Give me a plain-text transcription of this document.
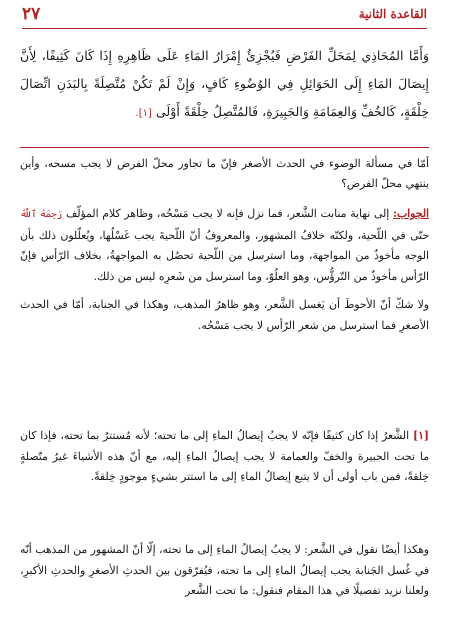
القاعدة الثانية
٢٧
وَأَمَّا المُحَاذِي لِمَحَلِّ الفَرْضِ فَيُجْزِئُ إِمْرَارُ المَاءِ عَلَى ظَاهِرِهِ إِذَا كَانَ كَثِيفًا، لِأَنَّ إِيصَالَ المَاءِ إِلَى الحَوَائِلِ فِي الوُضُوءِ كَافٍ، وَإِنْ لَمْ تَكُنْ مُتَّصِلَةً بِالبَدَنِ اتِّصَالَ خِلْقَةٍ، كَالخُفِّ وَالعِمَامَةِ وَالجَبِيرَةِ، فَالمُتَّصِلُ خِلْقَةً أَوْلَى [١].
أمّا في مسألة الوضوء في الحدث الأصغر فإنّ ما تجاوز محلّ الفرض لا يجب مسحه، وأين ينتهي محلّ الفرض؟

الجواب: إلى نهاية منابت الشَّعر، فما نزل فإنه لا يجب مَسْحُه، وظاهر كلام المؤلّف رَحِمَهُ ٱللَّهُ حتّى في اللّحية، ولكنّه خلافُ المشهور، والمعروفُ أنّ اللّحيةَ يجب غَسْلُها، ويُعلّلون ذلك بأن الوجه مأخوذٌ من المواجهة، وما استرسل من اللّحية تحصُل به المواجهةُ، بخلاف الرّأس فإنّ الرّأس مأخوذٌ من التّرؤُّس، وهو العلُوّ، وما استرسل من شَعرِه ليس من ذلك.

ولا شكّ أنّ الأحوطَ أن يَغسل الشَّعر، وهو ظاهرُ المذهب، وهكذا في الجنابة، أمّا في الحدث الأصغرِ فما استرسل من شعر الرّأس لا يجب مَسْحُه.

[١] الشَّعرُ إذا كان كثيفًا فإنّه لا يجبُ إيصالُ الماءِ إلى ما تحته؛ لأنه مُستترٌ بما تحته، فإذا كان ما تحت الجبيرة والخفّ والعمامة لا يجب إيصالُ الماءِ إليه، مع أنّ هذه الأشياءَ غيرُ متّصلةٍ خِلقةً، فمن باب أولى أن لا يتبع إيصالُ الماءِ إلى ما استتر بشيءٍ موجودٍ خِلقةً.

وهكذا أيضًا نقول في الشَّعر: لا يجبُ إيصالُ الماءِ إلى ما تحته، إلّا أنّ المشهور من المذهب أنّه في غُسل الجَنابة يجب إيصالُ الماءِ إلى ما تحته، فيُفرّقون بين الحدثِ الأصغرِ والحدثِ الأكبرِ، ولعلنا نزيد تفصيلًا في هذا المقام فنقول: ما تحت الشَّعر
